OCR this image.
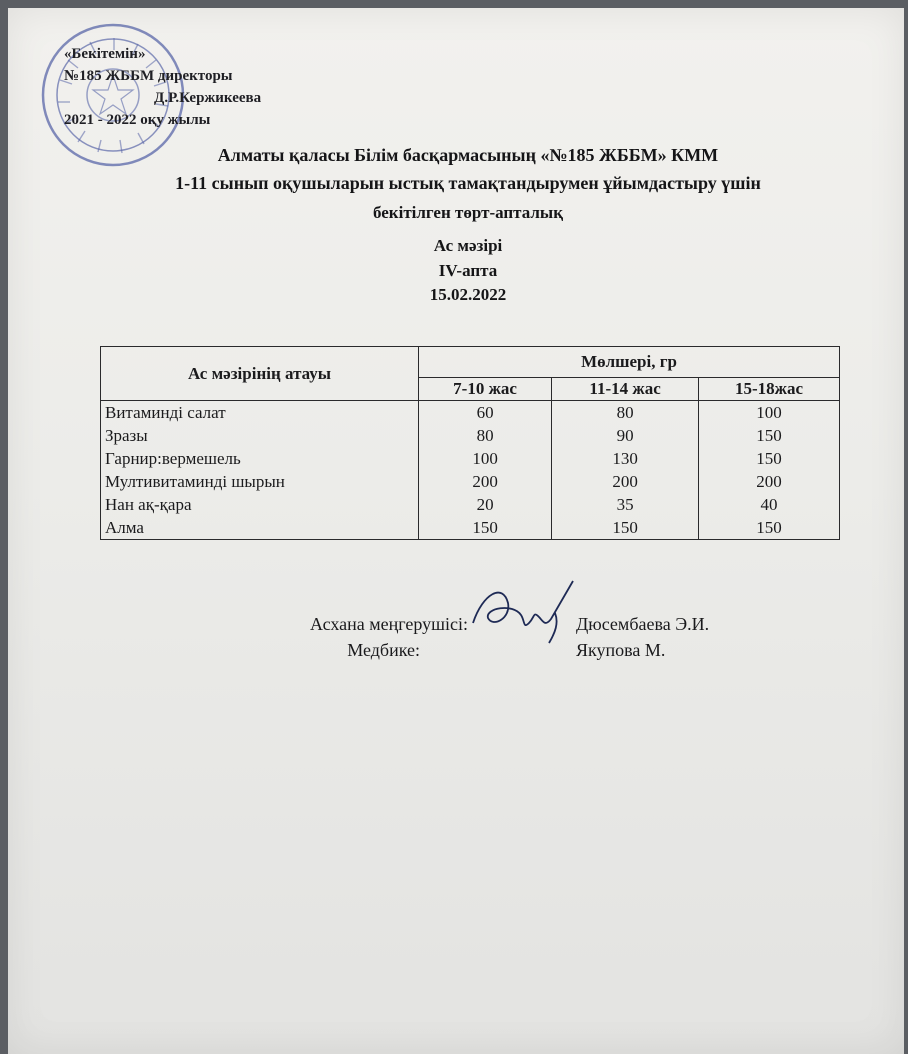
«Бекітемін»
№185 ЖББМ директоры
Д.Р.Кержикеева
2021 - 2022 оқу жылы
Алматы қаласы Білім басқармасының «№185 ЖББМ» КММ
1-11 сынып оқушыларын ыстық тамақтандырумен ұйымдастыру үшін
бекітілген төрт-апталық
Ас мәзірі
IV-апта
15.02.2022
Ас мәзірінің атауы	Мөлшері, гр		
	7-10 жас	11-14 жас	15-18жас
Витаминді салат	60	80	100
Зразы	80	90	150
Гарнир:вермешель	100	130	150
Мултивитаминді шырын	200	200	200
Нан ақ-қара	20	35	40
Алма	150	150	150
Асхана меңгерушісі:
Медбике:
Дюсембаева Э.И.
Якупова М.
